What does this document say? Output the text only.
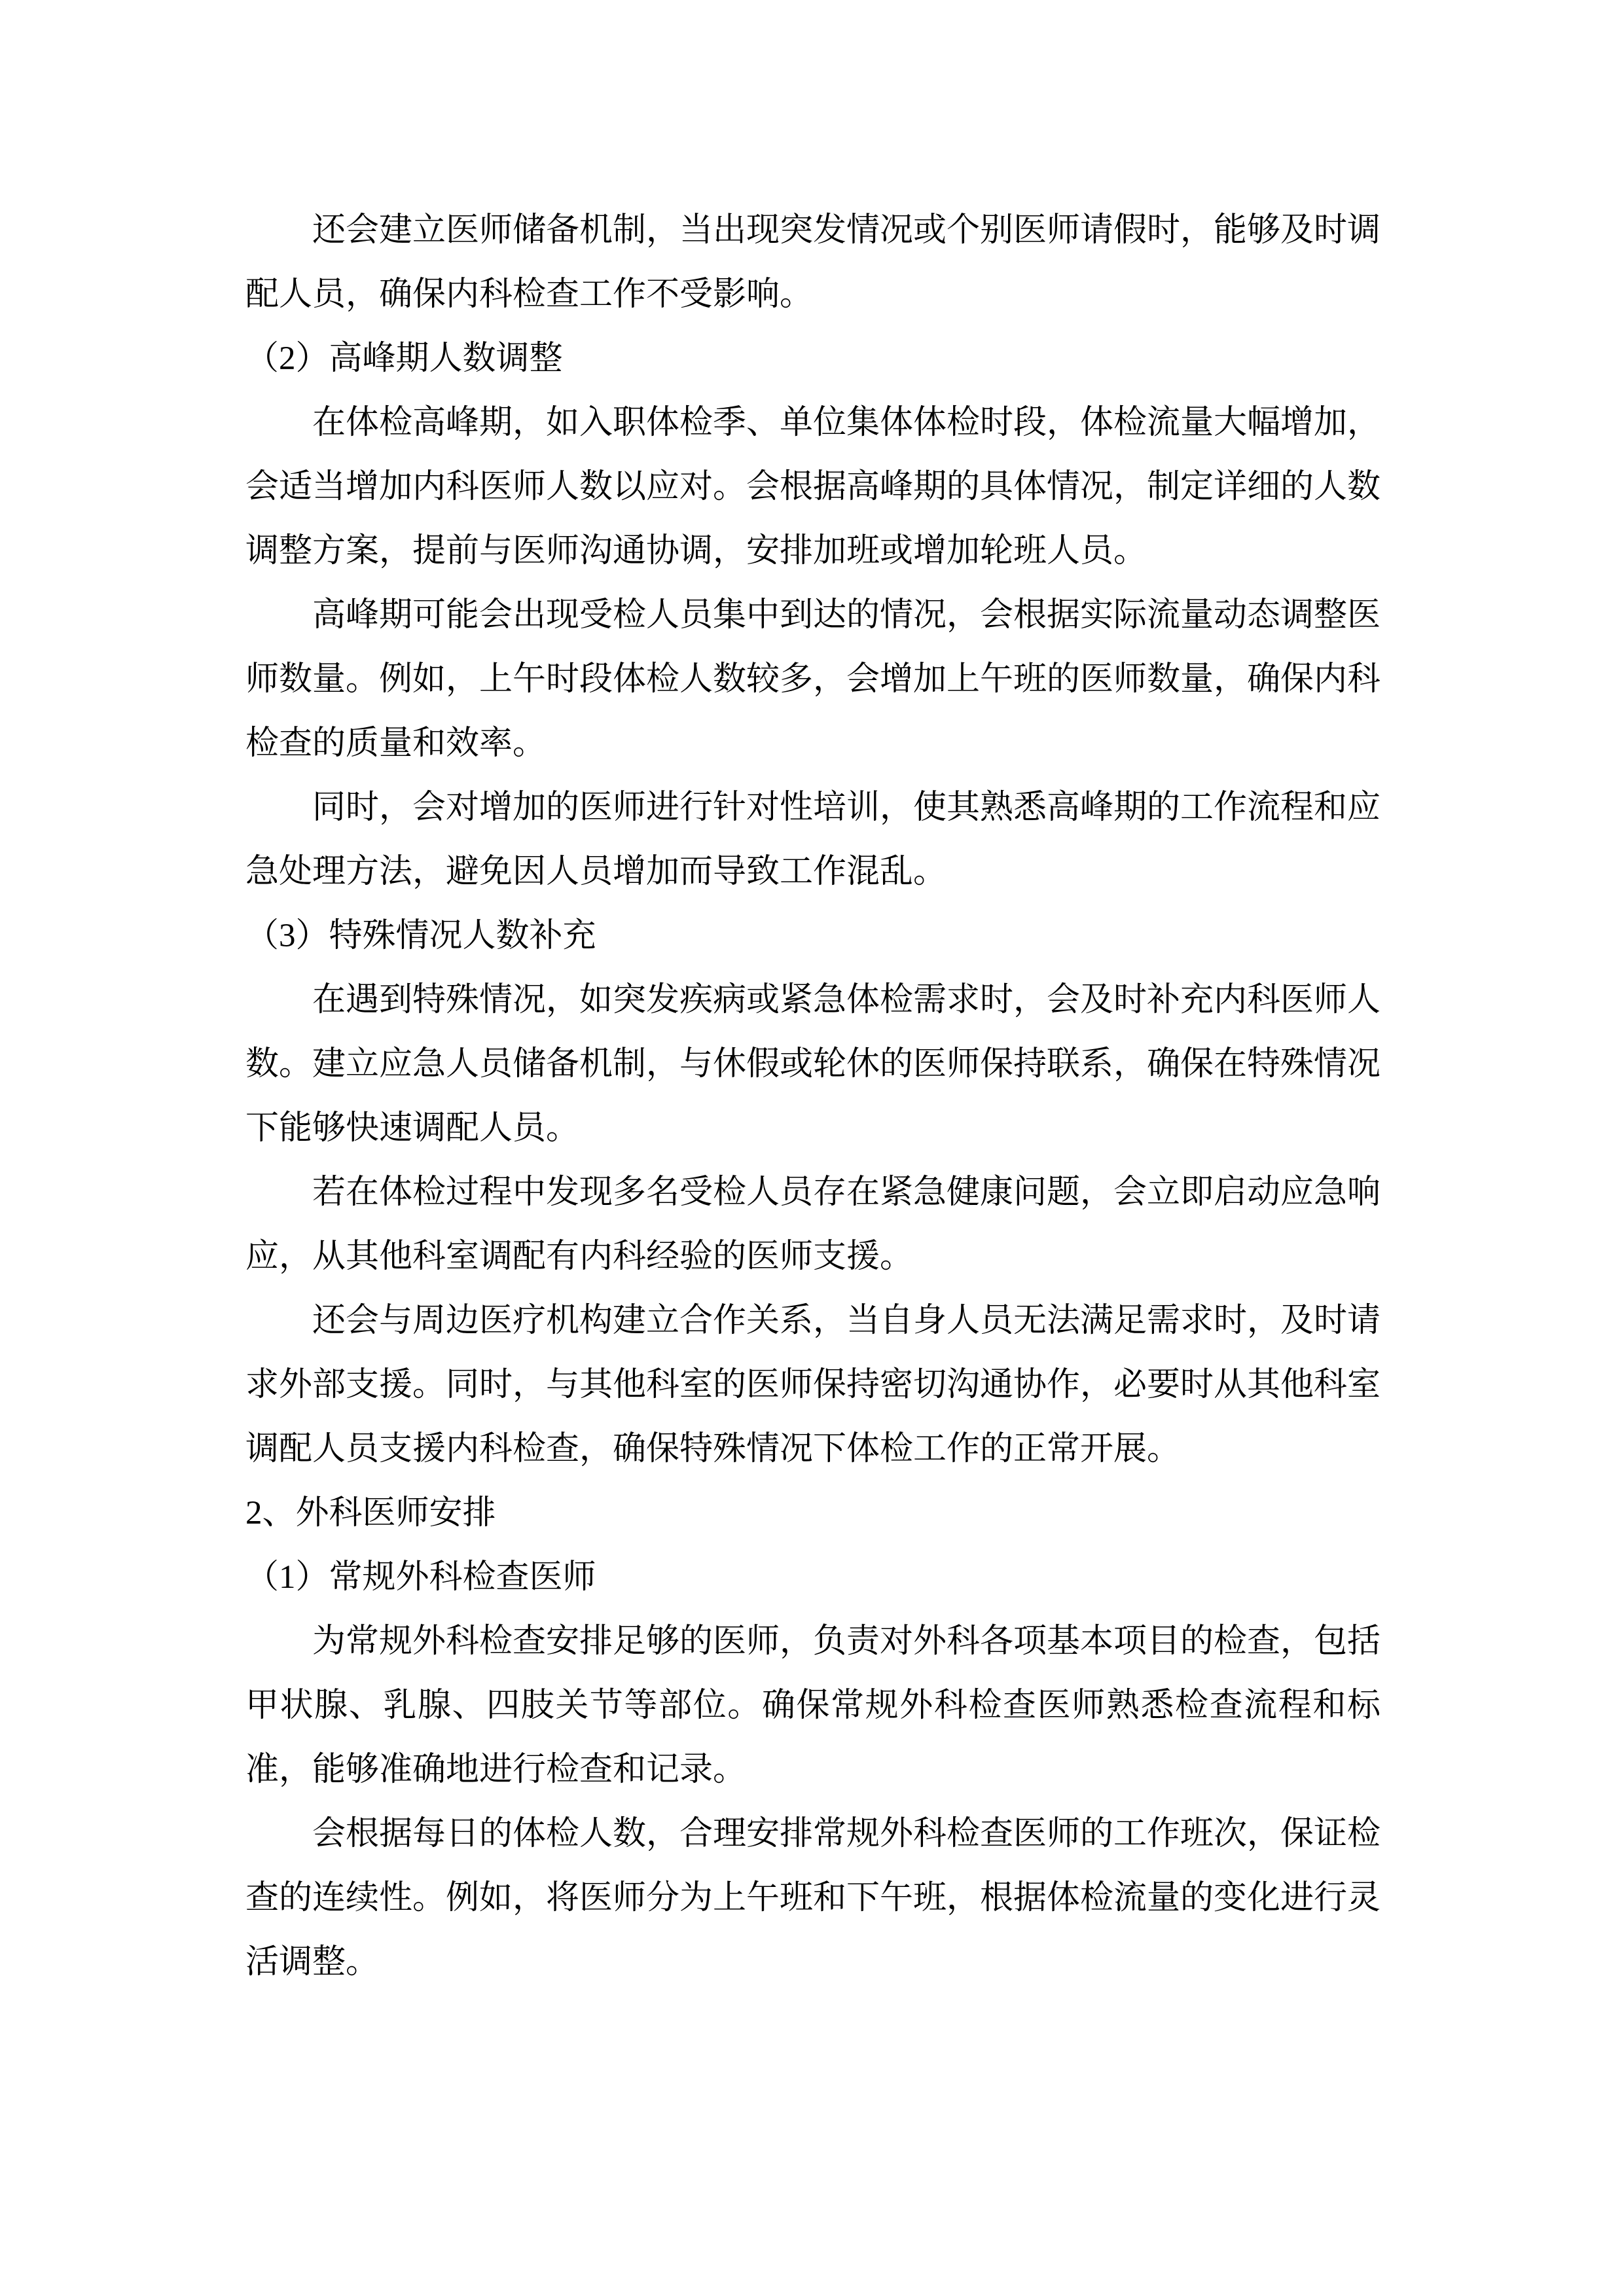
还会建立医师储备机制，当出现突发情况或个别医师请假时，能够及时调配人员，确保内科检查工作不受影响。

（2）高峰期人数调整

在体检高峰期，如入职体检季、单位集体体检时段，体检流量大幅增加，会适当增加内科医师人数以应对。会根据高峰期的具体情况，制定详细的人数调整方案，提前与医师沟通协调，安排加班或增加轮班人员。

高峰期可能会出现受检人员集中到达的情况，会根据实际流量动态调整医师数量。例如，上午时段体检人数较多，会增加上午班的医师数量，确保内科检查的质量和效率。

同时，会对增加的医师进行针对性培训，使其熟悉高峰期的工作流程和应急处理方法，避免因人员增加而导致工作混乱。

（3）特殊情况人数补充

在遇到特殊情况，如突发疾病或紧急体检需求时，会及时补充内科医师人数。建立应急人员储备机制，与休假或轮休的医师保持联系，确保在特殊情况下能够快速调配人员。

若在体检过程中发现多名受检人员存在紧急健康问题，会立即启动应急响应，从其他科室调配有内科经验的医师支援。

还会与周边医疗机构建立合作关系，当自身人员无法满足需求时，及时请求外部支援。同时，与其他科室的医师保持密切沟通协作，必要时从其他科室调配人员支援内科检查，确保特殊情况下体检工作的正常开展。

2、外科医师安排

（1）常规外科检查医师

为常规外科检查安排足够的医师，负责对外科各项基本项目的检查，包括甲状腺、乳腺、四肢关节等部位。确保常规外科检查医师熟悉检查流程和标准，能够准确地进行检查和记录。

会根据每日的体检人数，合理安排常规外科检查医师的工作班次，保证检查的连续性。例如，将医师分为上午班和下午班，根据体检流量的变化进行灵活调整。
